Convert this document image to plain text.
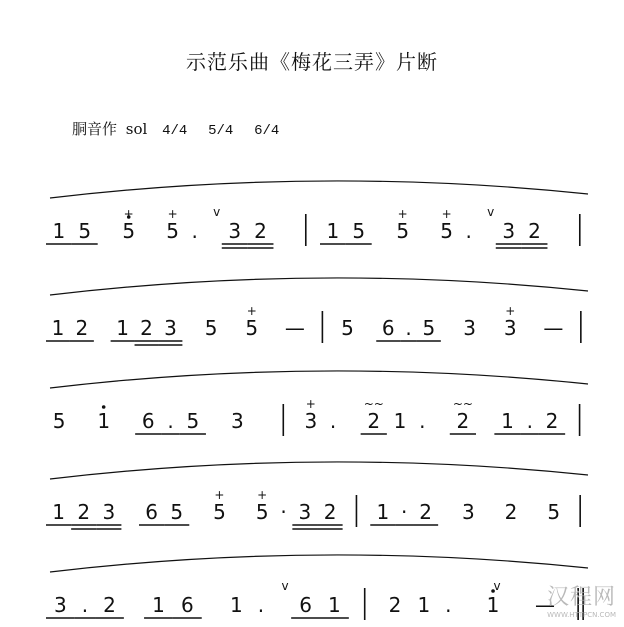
示范乐曲《梅花三弄》片断
胴音作 sol 4/4 5/4 6/4
1 5 5
+
5
+
.
v
3 2	1 5 5
+
5
+
.
v
3 2
1 2 1 2 3 5 5
+
— 5 6 . 5 3 3
+
—
5 1 6 . 5 3	3
+
. 2
~~
1 . 2
~~
1 . 2
1 2 3 6 5 5
+
5
+
· 3 2 1 · 2 3 2 5
3 . 2 1 6 1 .
v
6 1 2 1 . 1
v
—
汉程网
WWW.HTTPCN.COM
